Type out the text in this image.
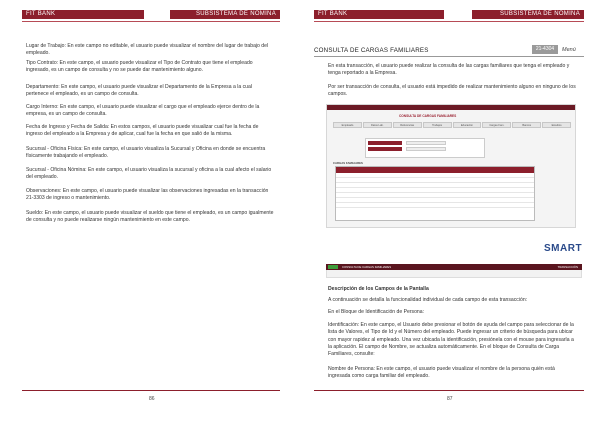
FIT BANK	SUBSISTEMA DE NÓMINA

Lugar de Trabajo: En este campo no editable, el usuario puede visualizar el nombre del lugar de trabajo del empleado.

Tipo Contrato: En este campo, el usuario puede visualizar el Tipo de Contrato que tiene el empleado ingresado, es un campo de consulta y no se puede dar mantenimiento alguno.

Departamento: En este campo, el usuario puede visualizar el Departamento de la Empresa a la cual pertenece el empleado, es un campo de consulta.

Cargo Interno: En este campo, el usuario puede visualizar el cargo que el empleado ejerce dentro de la empresa, es un campo de consulta.

Fecha de Ingreso y Fecha de Salida: En estos campos, el usuario puede visualizar cual fue la fecha de ingreso del empleado a la Empresa y de aplicar, cual fue la fecha en que salió de la misma.

Sucursal - Oficina Física: En este campo, el usuario visualiza la Sucursal y Oficina en donde se encuentra físicamente trabajando el empleado.

Sucursal - Oficina Nómina: En este campo, el usuario visualiza la sucursal y oficina a la cual afecto el salario del empleado.

Observaciones: En este campo, el usuario puede visualizar las observaciones ingresadas en la transacción 21-3303 de ingreso o mantenimiento.

Sueldo: En este campo, el usuario puede visualizar el sueldo que tiene el empleado, es un campo igualmente de consulta y no puede realizarse ningún mantenimiento en este campo.

86
FIT BANK	SUBSISTEMA DE NÓMINA
CONSULTA DE CARGAS FAMILIARES	21-4304	Menú

En esta transacción, el usuario puede realizar la consulta de las cargas familiares que tenga el empleado y tenga reportado a la Empresa.

Por ser transacción de consulta, el usuario está impedido de realizar mantenimiento alguno en ninguno de los campos.

CONSULTA DE CARGAS FAMILIARES
Empleado	Datos Lab.	Referencias	Trabajos	Educación	Cargas Fam.	Bancos	Estudios
CARGAS FAMILIARES
SMART
CONSULTA DE CARGAS FAMILIARES	TRANSACCIÓN

Descripción de los Campos de la Pantalla

A continuación se detalla la funcionalidad individual de cada campo de esta transacción:

En el Bloque de Identificación de Persona:

Identificación: En este campo, el Usuario debe presionar el botón de ayuda del campo para seleccionar de la lista de Valores, el Tipo de Id y el Número del empleado. Puede ingresar un criterio de búsqueda para ubicar con mayor rapidez al empleado. Una vez ubicada la identificación, presiónela con el mouse para ingresarla a la aplicación. El campo de Nombre, se actualiza automáticamente. En el bloque de Consulta de Carga Familiares, consulte:

Nombre de Persona: En este campo, el usuario puede visualizar el nombre de la persona quién está ingresada como carga familiar del empleado.

87
